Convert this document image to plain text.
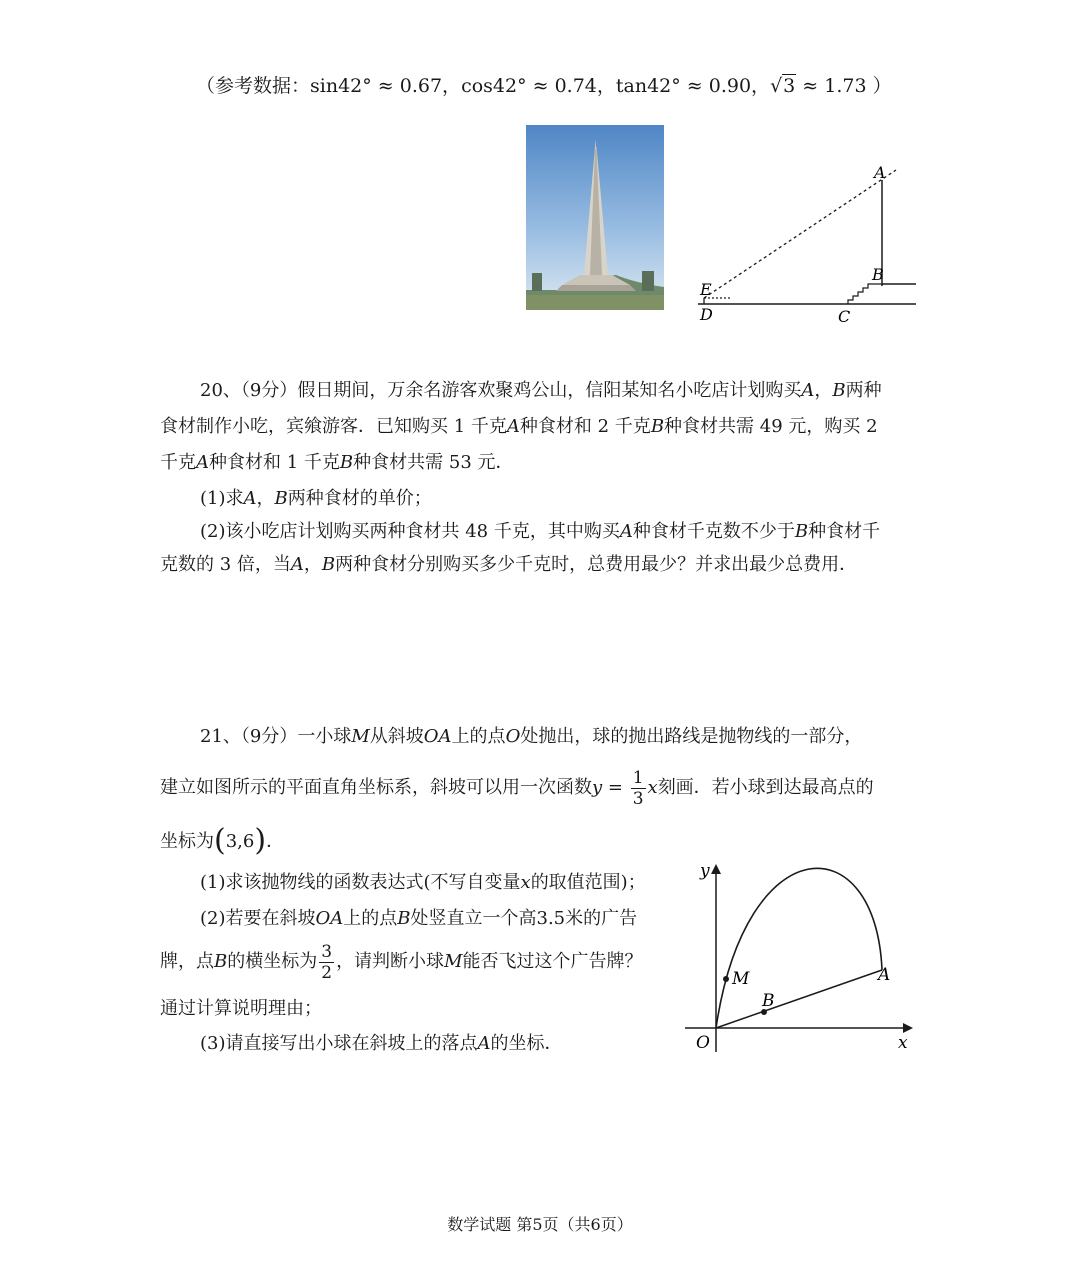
（参考数据：sin42° ≈ 0.67，cos42° ≈ 0.74，tan42° ≈ 0.90，√3 ≈ 1.73 ）
A
B
C
D
E
20、（9分）假日期间，万余名游客欢聚鸡公山，信阳某知名小吃店计划购买A，B两种
食材制作小吃，宾飨游客．已知购买 1 千克A种食材和 2 千克B种食材共需 49 元，购买 2
千克A种食材和 1 千克B种食材共需 53 元．
(1)求A，B两种食材的单价；
(2)该小吃店计划购买两种食材共 48 千克，其中购买A种食材千克数不少于B种食材千
克数的 3 倍，当A，B两种食材分别购买多少千克时，总费用最少？并求出最少总费用．
21、（9分）一小球M从斜坡OA上的点O处抛出，球的抛出路线是抛物线的一部分，
建立如图所示的平面直角坐标系，斜坡可以用一次函数$y = \frac{1}{3}$ x刻画．若小球到达最高点的
坐标为(3,6)．
(1)求该抛物线的函数表达式(不写自变量x的取值范围)；
(2)若要在斜坡OA上的点B处竖直立一个高3.5米的广告
牌，点B的横坐标为 $\frac{3}{2}$ ，请判断小球M能否飞过这个广告牌？
通过计算说明理由；
(3)请直接写出小球在斜坡上的落点A的坐标．
y
x
O
M
B
A
数学试题 第5页（共6页）
